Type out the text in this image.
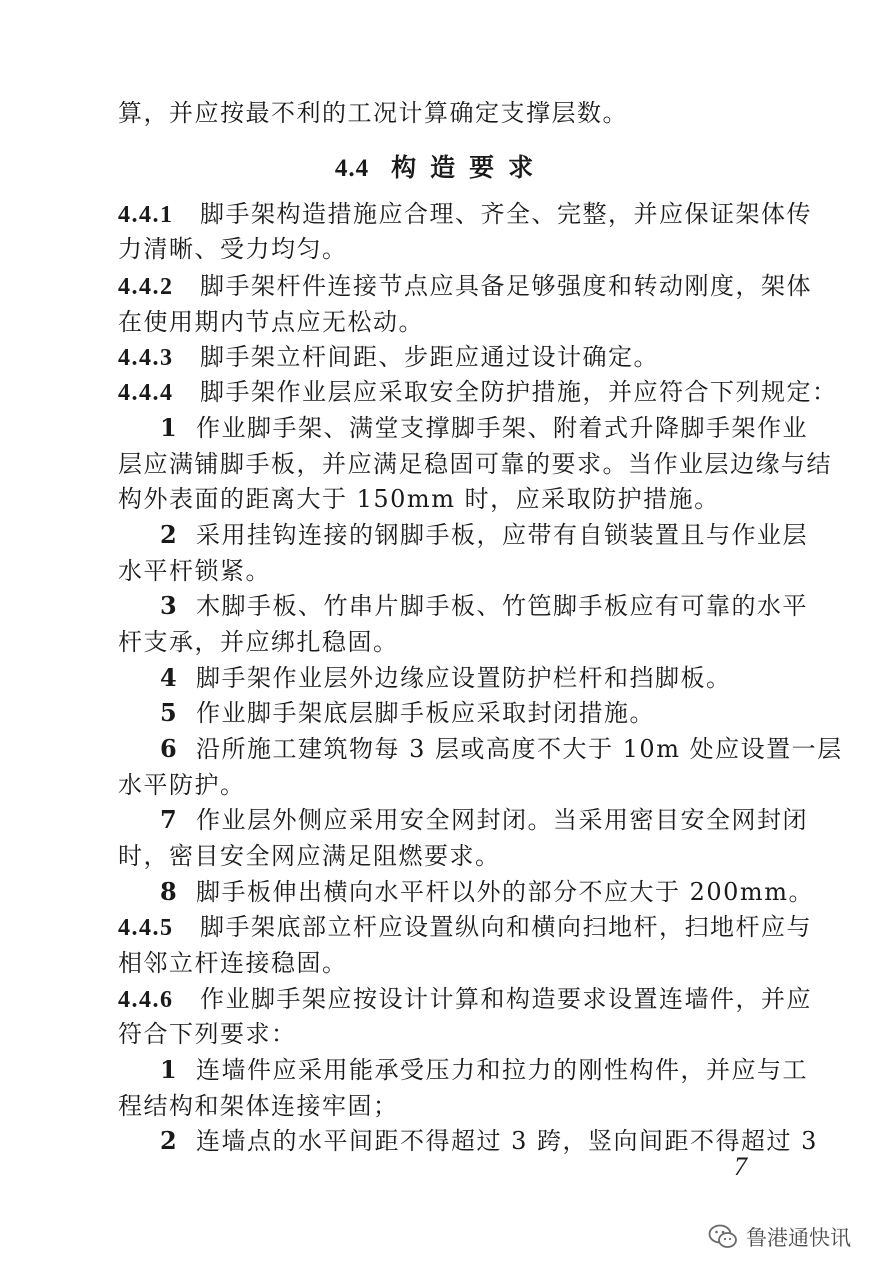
算，并应按最不利的工况计算确定支撑层数。
4.4 构造要求
4.4.1 脚手架构造措施应合理、齐全、完整，并应保证架体传
力清晰、受力均匀。
4.4.2 脚手架杆件连接节点应具备足够强度和转动刚度，架体
在使用期内节点应无松动。
4.4.3 脚手架立杆间距、步距应通过设计确定。
4.4.4 脚手架作业层应采取安全防护措施，并应符合下列规定：
1 作业脚手架、满堂支撑脚手架、附着式升降脚手架作业
层应满铺脚手板，并应满足稳固可靠的要求。当作业层边缘与结
构外表面的距离大于 150mm 时，应采取防护措施。
2 采用挂钩连接的钢脚手板，应带有自锁装置且与作业层
水平杆锁紧。
3 木脚手板、竹串片脚手板、竹笆脚手板应有可靠的水平
杆支承，并应绑扎稳固。
4 脚手架作业层外边缘应设置防护栏杆和挡脚板。
5 作业脚手架底层脚手板应采取封闭措施。
6 沿所施工建筑物每 3 层或高度不大于 10m 处应设置一层
水平防护。
7 作业层外侧应采用安全网封闭。当采用密目安全网封闭
时，密目安全网应满足阻燃要求。
8 脚手板伸出横向水平杆以外的部分不应大于 200mm。
4.4.5 脚手架底部立杆应设置纵向和横向扫地杆，扫地杆应与
相邻立杆连接稳固。
4.4.6 作业脚手架应按设计计算和构造要求设置连墙件，并应
符合下列要求：
1 连墙件应采用能承受压力和拉力的刚性构件，并应与工
程结构和架体连接牢固；
2 连墙点的水平间距不得超过 3 跨，竖向间距不得超过 3
7
鲁港通快讯
